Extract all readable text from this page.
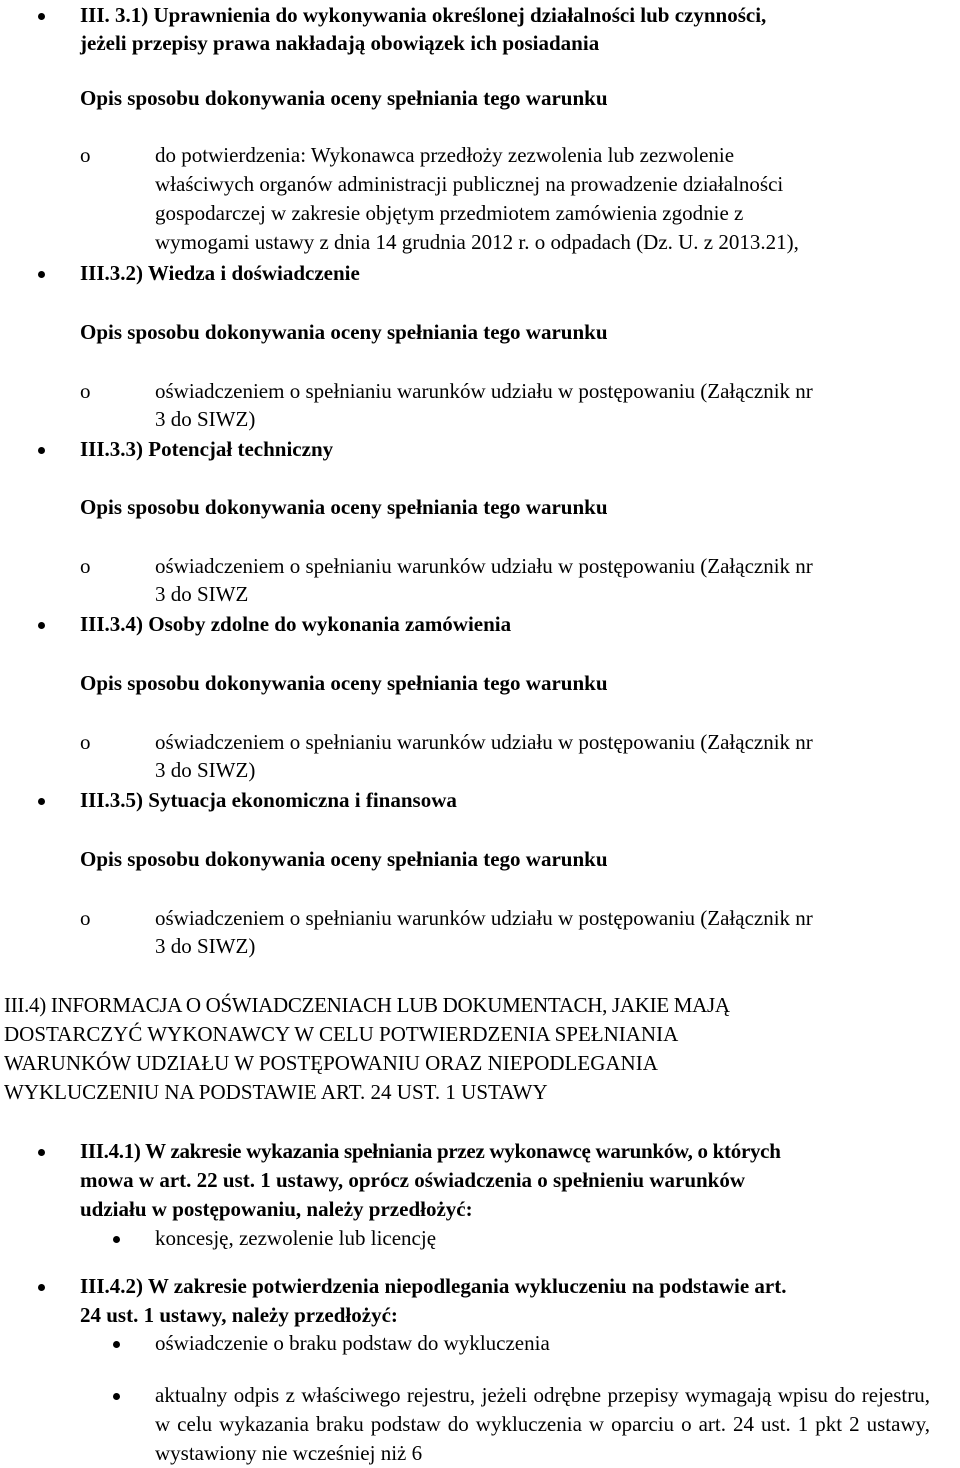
III. 3.1) Uprawnienia do wykonywania określonej działalności lub czynności,
jeżeli przepisy prawa nakładają obowiązek ich posiadania
Opis sposobu dokonywania oceny spełniania tego warunku
o	do potwierdzenia: Wykonawca przedłoży zezwolenia lub zezwolenie
właściwych organów administracji publicznej na prowadzenie działalności
gospodarczej w zakresie objętym przedmiotem zamówienia zgodnie z
wymogami ustawy z dnia 14 grudnia 2012 r. o odpadach (Dz. U. z 2013.21),
III.3.2) Wiedza i doświadczenie
Opis sposobu dokonywania oceny spełniania tego warunku
o	oświadczeniem o spełnianiu warunków udziału w postępowaniu (Załącznik nr
3 do SIWZ)
III.3.3) Potencjał techniczny
Opis sposobu dokonywania oceny spełniania tego warunku
o	oświadczeniem o spełnianiu warunków udziału w postępowaniu (Załącznik nr
3 do SIWZ
III.3.4) Osoby zdolne do wykonania zamówienia
Opis sposobu dokonywania oceny spełniania tego warunku
o	oświadczeniem o spełnianiu warunków udziału w postępowaniu (Załącznik nr
3 do SIWZ)
III.3.5) Sytuacja ekonomiczna i finansowa
Opis sposobu dokonywania oceny spełniania tego warunku
o	oświadczeniem o spełnianiu warunków udziału w postępowaniu (Załącznik nr
3 do SIWZ)
III.4) INFORMACJA O OŚWIADCZENIACH LUB DOKUMENTACH, JAKIE MAJĄ
DOSTARCZYĆ WYKONAWCY W CELU POTWIERDZENIA SPEŁNIANIA
WARUNKÓW UDZIAŁU W POSTĘPOWANIU ORAZ NIEPODLEGANIA
WYKLUCZENIU NA PODSTAWIE ART. 24 UST. 1 USTAWY
III.4.1) W zakresie wykazania spełniania przez wykonawcę warunków, o których
mowa w art. 22 ust. 1 ustawy, oprócz oświadczenia o spełnieniu warunków
udziału w postępowaniu, należy przedłożyć:
koncesję, zezwolenie lub licencję
III.4.2) W zakresie potwierdzenia niepodlegania wykluczeniu na podstawie art.
24 ust. 1 ustawy, należy przedłożyć:
oświadczenie o braku podstaw do wykluczenia
aktualny odpis z właściwego rejestru, jeżeli odrębne przepisy wymagają wpisu do rejestru, w celu wykazania braku podstaw do wykluczenia w oparciu o art. 24 ust. 1 pkt 2 ustawy, wystawiony nie wcześniej niż 6
